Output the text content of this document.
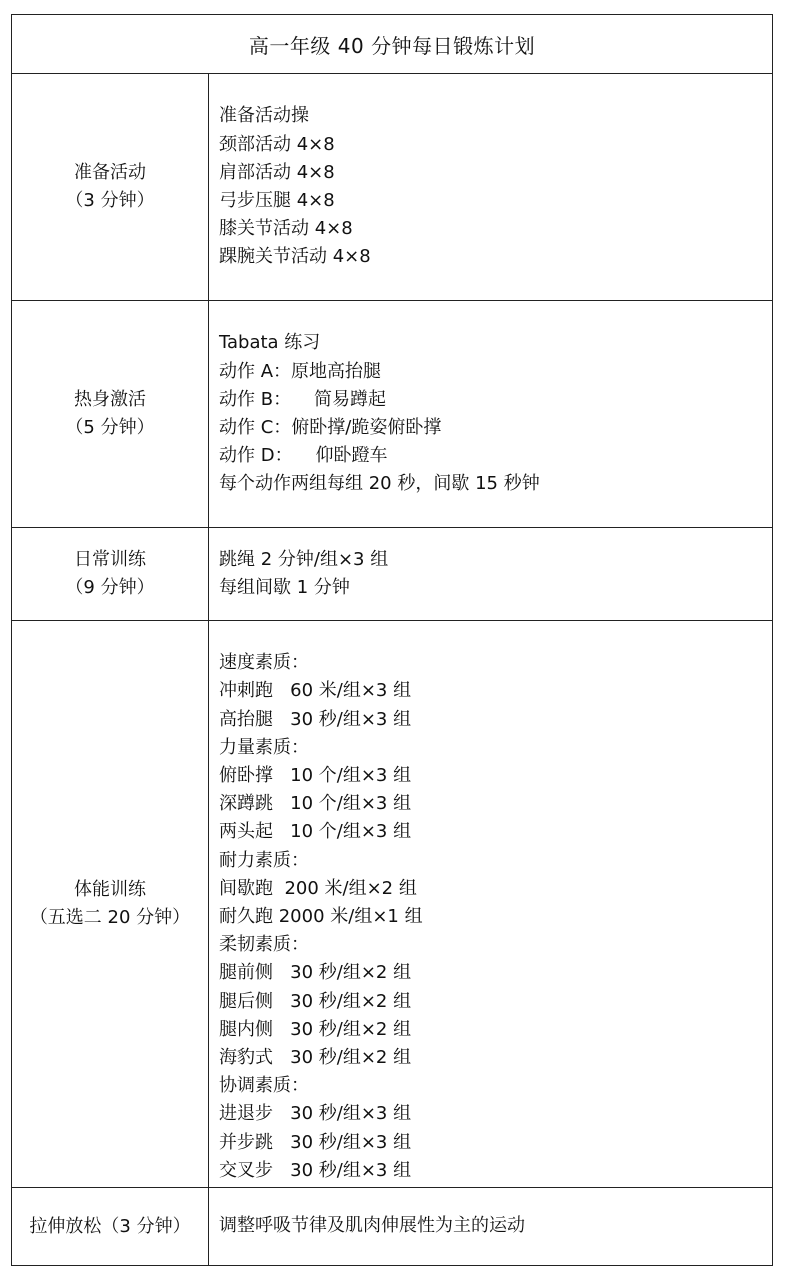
高一年级 40 分钟每日锻炼计划
准备活动
（3 分钟）
准备活动操
颈部活动 4×8
肩部活动 4×8
弓步压腿 4×8
膝关节活动 4×8
踝腕关节活动 4×8
热身激活
（5 分钟）
Tabata 练习
动作 A：原地高抬腿
动作 B：    简易蹲起
动作 C：俯卧撑/跪姿俯卧撑
动作 D：    仰卧蹬车
每个动作两组每组 20 秒，间歇 15 秒钟
日常训练
（9 分钟）
跳绳 2 分钟/组×3 组
每组间歇 1 分钟
体能训练
（五选二 20 分钟）
速度素质：
冲刺跑   60 米/组×3 组
高抬腿   30 秒/组×3 组
力量素质：
俯卧撑   10 个/组×3 组
深蹲跳   10 个/组×3 组
两头起   10 个/组×3 组
耐力素质：
间歇跑  200 米/组×2 组
耐久跑 2000 米/组×1 组
柔韧素质：
腿前侧   30 秒/组×2 组
腿后侧   30 秒/组×2 组
腿内侧   30 秒/组×2 组
海豹式   30 秒/组×2 组
协调素质：
进退步   30 秒/组×3 组
并步跳   30 秒/组×3 组
交叉步   30 秒/组×3 组
拉伸放松（3 分钟） 调整呼吸节律及肌肉伸展性为主的运动
